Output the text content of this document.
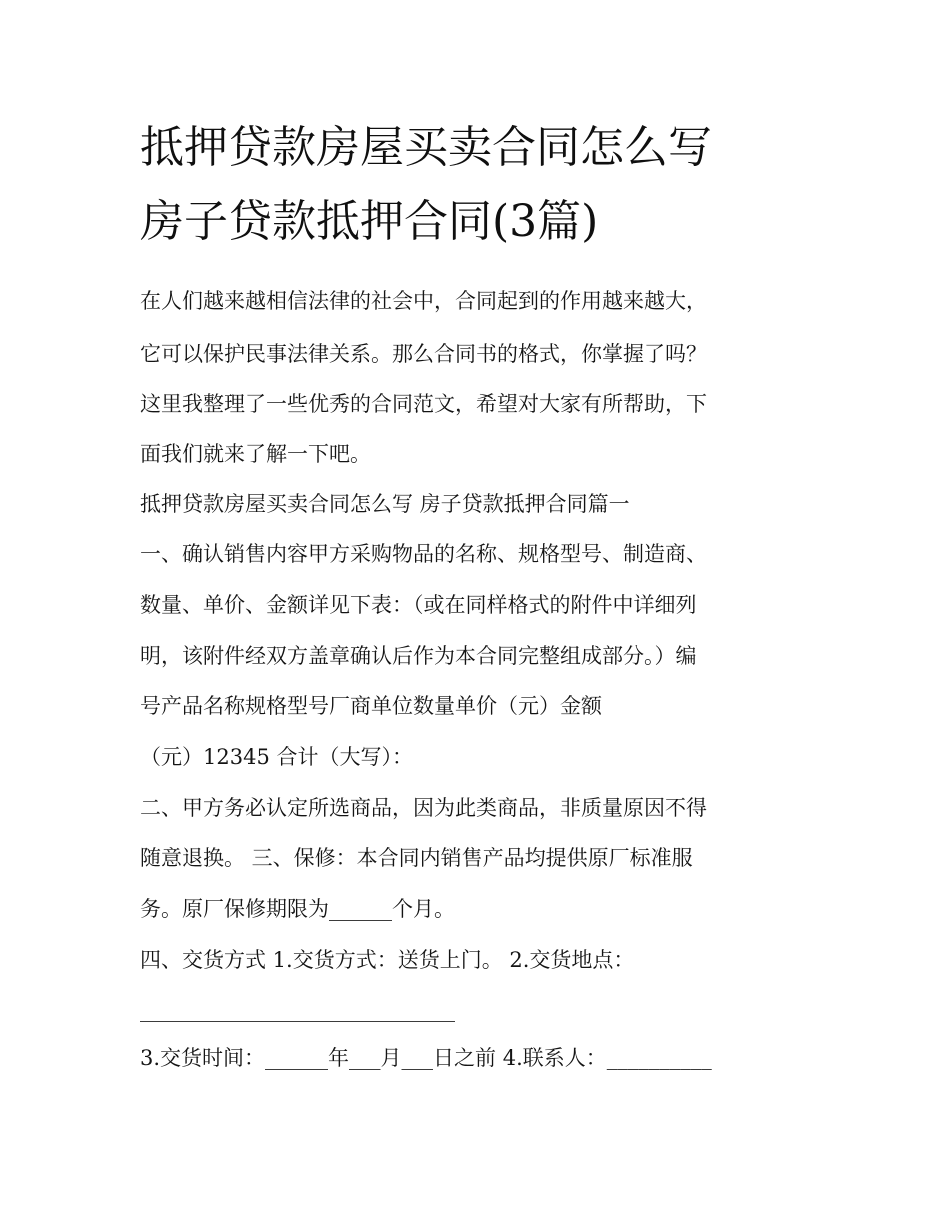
抵押贷款房屋买卖合同怎么写
房子贷款抵押合同(3篇)
在人们越来越相信法律的社会中，合同起到的作用越来越大，
它可以保护民事法律关系。那么合同书的格式，你掌握了吗？
这里我整理了一些优秀的合同范文，希望对大家有所帮助，下
面我们就来了解一下吧。
抵押贷款房屋买卖合同怎么写 房子贷款抵押合同篇一
一、确认销售内容甲方采购物品的名称、规格型号、制造商、
数量、单价、金额详见下表：（或在同样格式的附件中详细列
明，该附件经双方盖章确认后作为本合同完整组成部分。）编
号产品名称规格型号厂商单位数量单价（元）金额
（元）12345 合计（大写）：
二、甲方务必认定所选商品，因为此类商品，非质量原因不得
随意退换。 三、保修：本合同内销售产品均提供原厂标准服
务。原厂保修期限为______个月。
四、交货方式 1.交货方式：送货上门。 2.交货地点：
______________________________
3.交货时间：______年___月___日之前 4.联系人：__________
